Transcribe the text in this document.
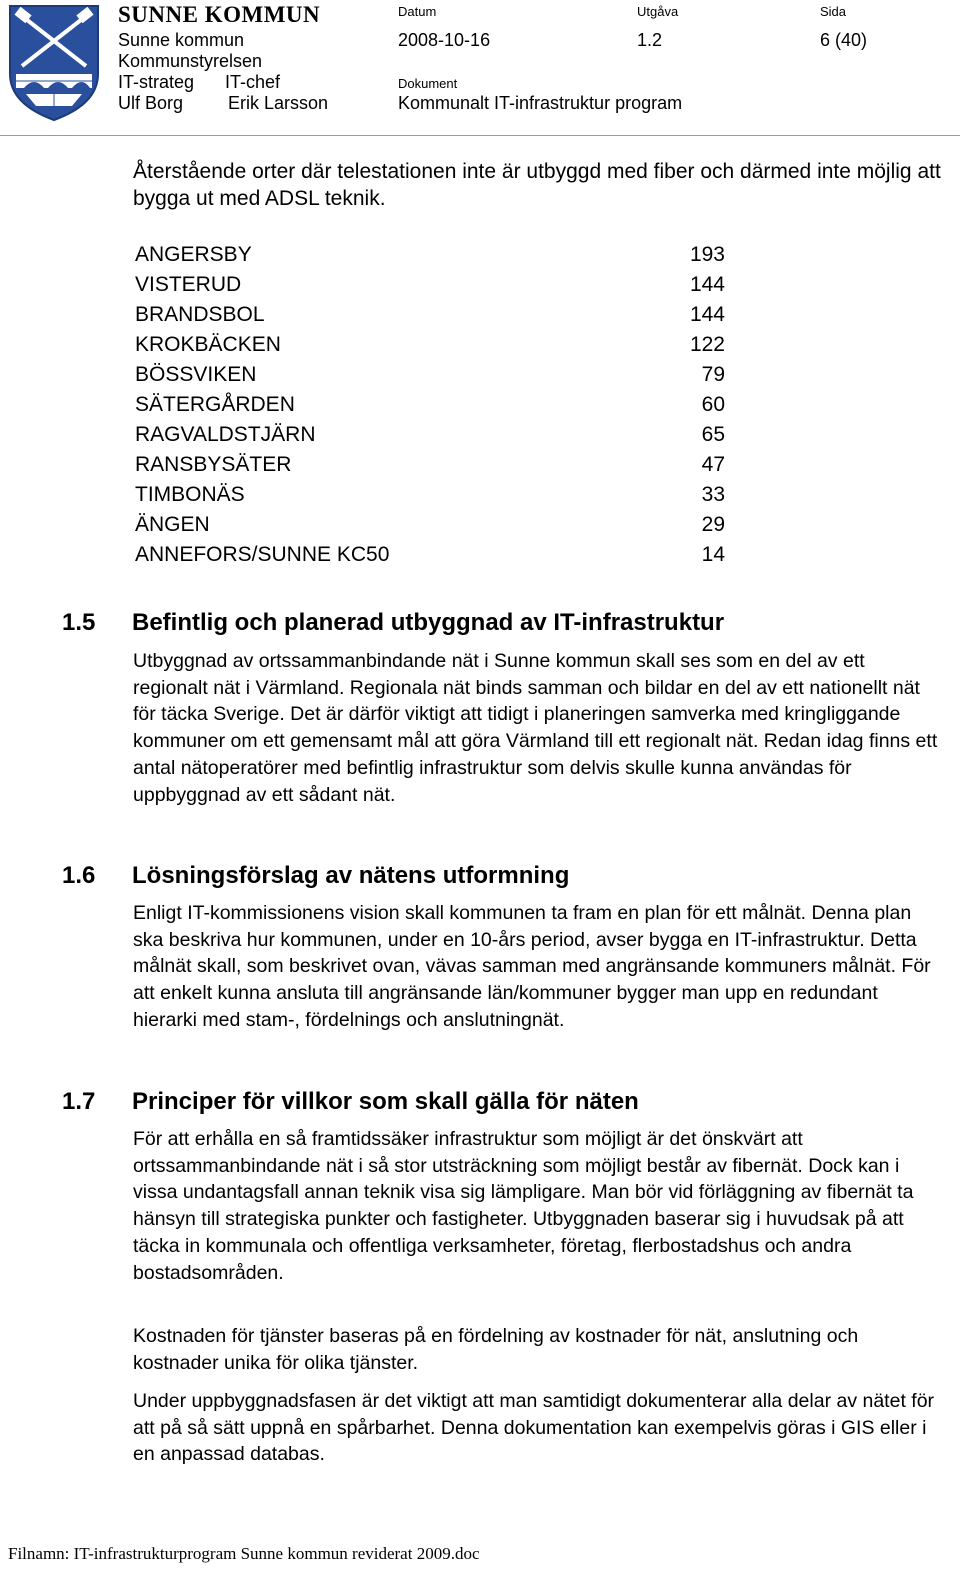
SUNNE KOMMUN
Sunne kommun
Kommunstyrelsen
IT-strateg IT-chef
Ulf Borg Erik Larsson
Datum
2008-10-16
Utgåva
1.2
Sida
6 (40)
Dokument
Kommunalt IT-infrastruktur program

Återstående orter där telestationen inte är utbyggd med fiber och därmed inte möjlig att bygga ut med ADSL teknik.

ANGERSBY	193
VISTERUD	144
BRANDSBOL	144
KROKBÄCKEN	122
BÖSSVIKEN	79
SÄTERGÅRDEN	60
RAGVALDSTJÄRN	65
RANSBYSÄTER	47
TIMBONÄS	33
ÄNGEN	29
ANNEFORS/SUNNE KC50	14
1.5 Befintlig och planerad utbyggnad av IT-infrastruktur

Utbyggnad av ortssammanbindande nät i Sunne kommun skall ses som en del av ett regionalt nät i Värmland. Regionala nät binds samman och bildar en del av ett nationellt nät för täcka Sverige. Det är därför viktigt att tidigt i planeringen samverka med kringliggande kommuner om ett gemensamt mål att göra Värmland till ett regionalt nät. Redan idag finns ett antal nätoperatörer med befintlig infrastruktur som delvis skulle kunna användas för uppbyggnad av ett sådant nät.

1.6 Lösningsförslag av nätens utformning

Enligt IT-kommissionens vision skall kommunen ta fram en plan för ett målnät. Denna plan ska beskriva hur kommunen, under en 10-års period, avser bygga en IT-infrastruktur. Detta målnät skall, som beskrivet ovan, vävas samman med angränsande kommuners målnät. För att enkelt kunna ansluta till angränsande län/kommuner bygger man upp en redundant hierarki med stam-, fördelnings och anslutningnät.

1.7 Principer för villkor som skall gälla för näten

För att erhålla en så framtidssäker infrastruktur som möjligt är det önskvärt att ortssammanbindande nät i så stor utsträckning som möjligt består av fibernät. Dock kan i vissa undantagsfall annan teknik visa sig lämpligare. Man bör vid förläggning av fibernät ta hänsyn till strategiska punkter och fastigheter. Utbyggnaden baserar sig i huvudsak på att täcka in kommunala och offentliga verksamheter, företag, flerbostadshus och andra bostadsområden.

Kostnaden för tjänster baseras på en fördelning av kostnader för nät, anslutning och kostnader unika för olika tjänster.

Under uppbyggnadsfasen är det viktigt att man samtidigt dokumenterar alla delar av nätet för att på så sätt uppnå en spårbarhet. Denna dokumentation kan exempelvis göras i GIS eller i en anpassad databas.

Filnamn: IT-infrastrukturprogram Sunne kommun reviderat 2009.doc
